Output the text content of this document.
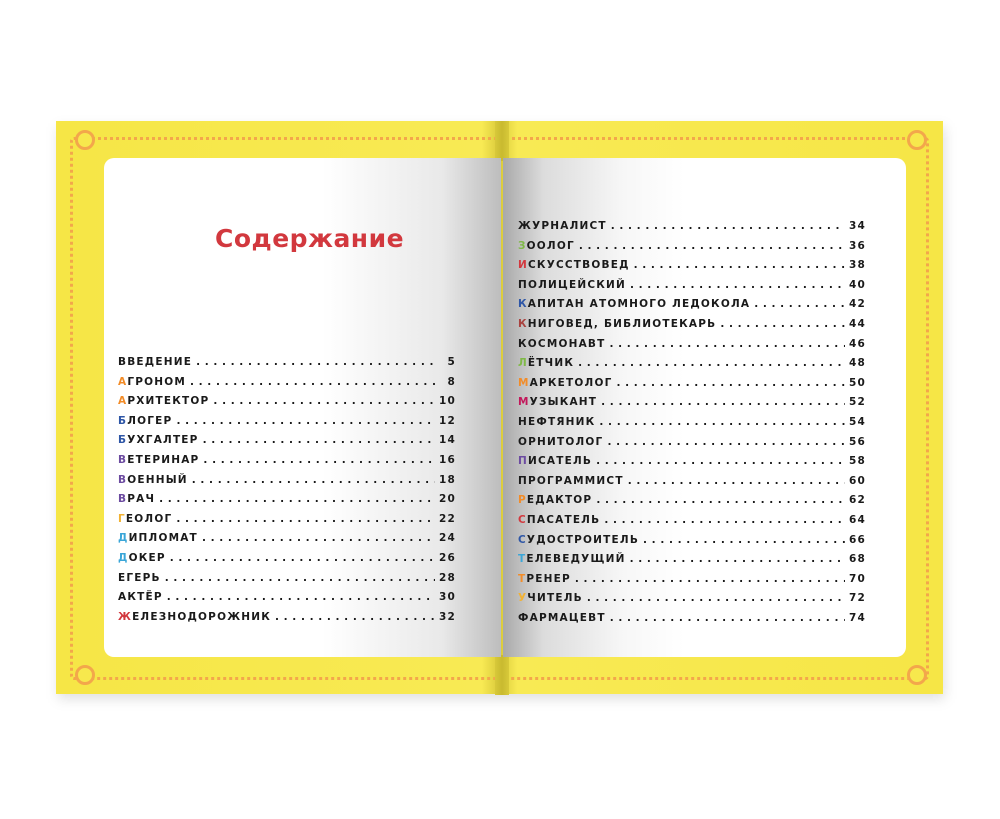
Содержание
В ВЕДЕНИЕ . . .	5
А ГРОНОМ . . .	8
А РХИТЕКТОР . . .	10
Б ЛОГЕР . . .	12
Б УХГАЛТЕР . . .	14
В ЕТЕРИНАР . . .	16
В ОЕННЫЙ . . .	18
В РАЧ . . .	20
Г ЕОЛОГ . . .	22
Д ИПЛОМАТ . . .	24
Д ОКЕР . . .	26
Е ГЕРЬ . . .	28
А КТЁР . . .	30
Ж ЕЛЕЗНОДОРОЖНИК . . .	32
Ж УРНАЛИСТ . . .	34
З ООЛОГ . . .	36
И СКУССТВОВЕД . . .	38
П ОЛИЦЕЙСКИЙ . . .	40
К АПИТАН АТОМНОГО ЛЕДОКОЛА . . .	42
К НИГОВЕД, БИБЛИОТЕКАРЬ . . .	44
К ОСМОНАВТ . . .	46
Л ЁТЧИК . . .	48
М АРКЕТОЛОГ . . .	50
М УЗЫКАНТ . . .	52
Н ЕФТЯНИК . . .	54
О РНИТОЛОГ . . .	56
П ИСАТЕЛЬ . . .	58
П РОГРАММИСТ . . .	60
Р ЕДАКТОР . . .	62
С ПАСАТЕЛЬ . . .	64
С УДОСТРОИТЕЛЬ . . .	66
Т ЕЛЕВЕДУЩИЙ . . .	68
Т РЕНЕР . . .	70
У ЧИТЕЛЬ . . .	72
Ф АРМАЦЕВТ . . .	74
